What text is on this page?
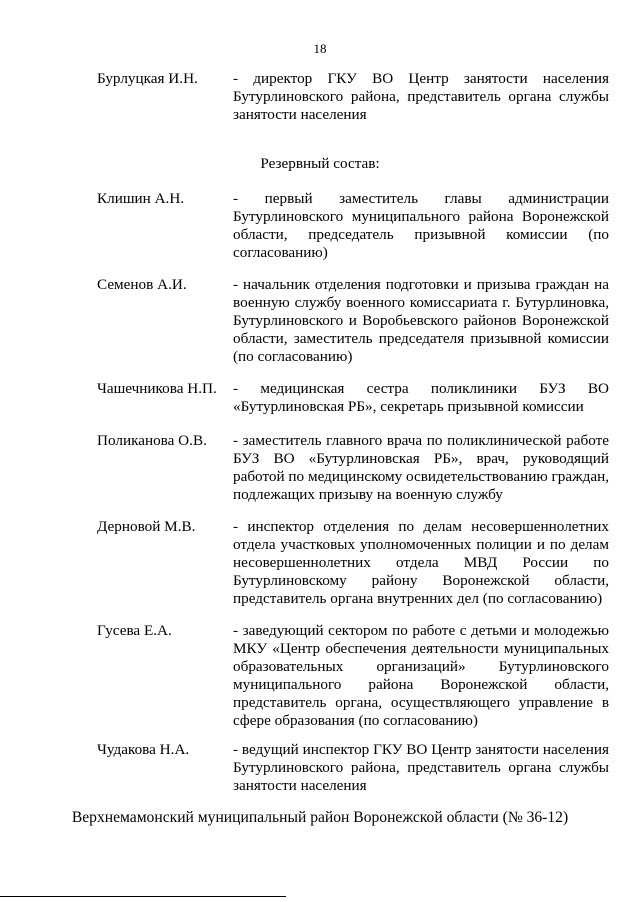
18
Бурлуцкая И.Н. - директор ГКУ ВО Центр занятости населения Бутурлиновского района, представитель органа службы занятости населения
Резервный состав:
Клишин А.Н.	- первый заместитель главы администрации Бутурлиновского муниципального района Воронежской области, председатель призывной комиссии (по согласованию)
Семенов А.И.	- начальник отделения подготовки и призыва граждан на военную службу военного комиссариата г. Бутурлиновка, Бутурлиновского и Воробьевского районов Воронежской области, заместитель председателя призывной комиссии (по согласованию)
Чашечникова Н.П. - медицинская сестра поликлиники БУЗ ВО «Бутурлиновская РБ», секретарь призывной комиссии
Поликанова О.В. - заместитель главного врача по поликлинической работе БУЗ ВО «Бутурлиновская РБ», врач, руководящий работой по медицинскому освидетельствованию граждан, подлежащих призыву на военную службу
Дерновой М.В. - инспектор отделения по делам несовершеннолетних отдела участковых уполномоченных полиции и по делам несовершеннолетних отдела МВД России по Бутурлиновскому району Воронежской области, представитель органа внутренних дел (по согласованию)
Гусева Е.А.	- заведующий сектором по работе с детьми и молодежью МКУ «Центр обеспечения деятельности муниципальных образовательных организаций» Бутурлиновского муниципального района Воронежской области, представитель органа, осуществляющего управление в сфере образования (по согласованию)
Чудакова Н.А.	- ведущий инспектор ГКУ ВО Центр занятости населения Бутурлиновского района, представитель органа службы занятости населения
Верхнемамонский муниципальный район Воронежской области (№ 36-12)
